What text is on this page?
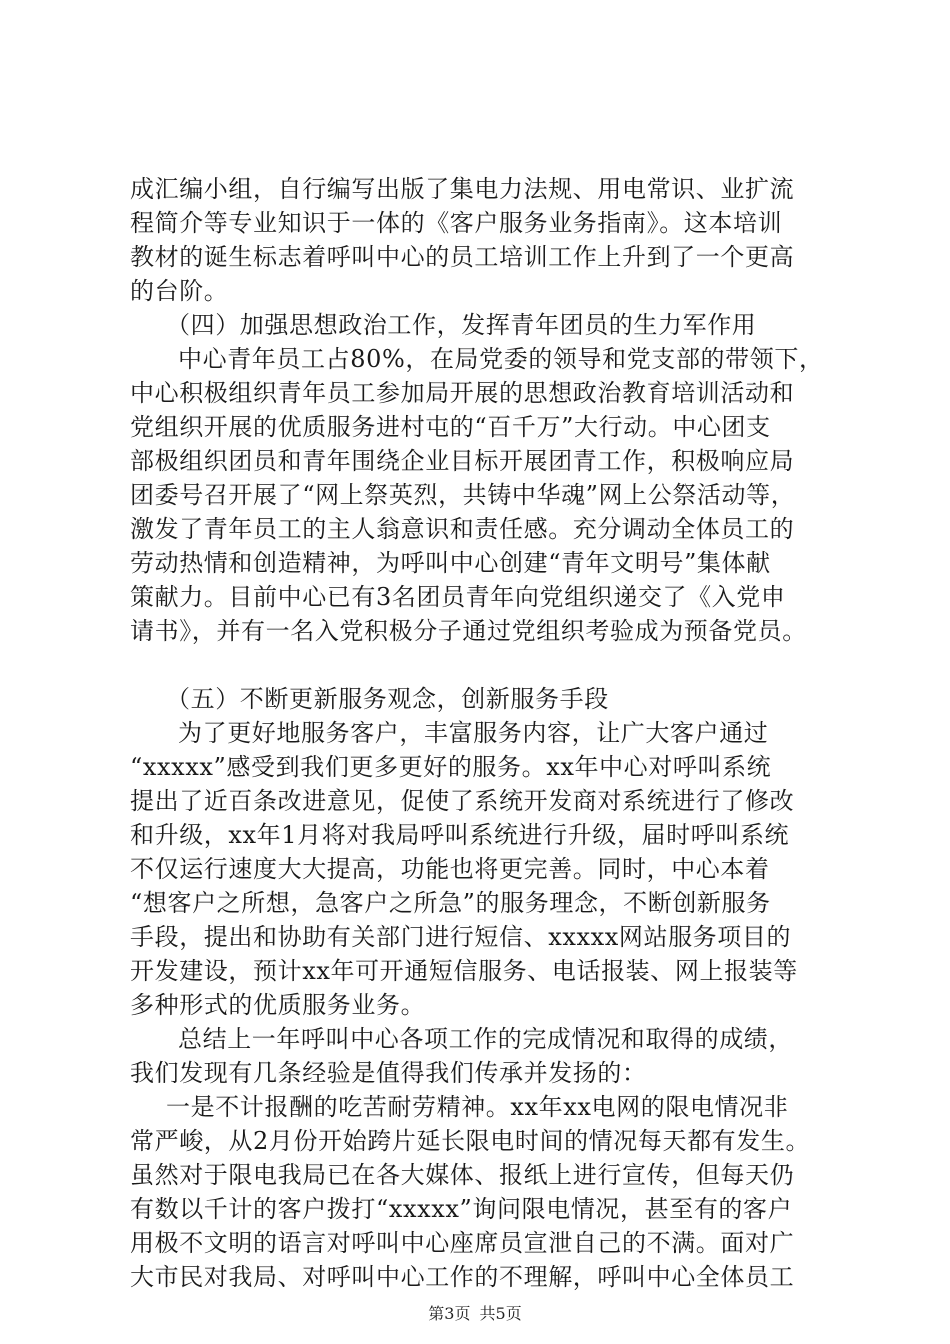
成汇编小组，自行编写出版了集电力法规、用电常识、业扩流
程简介等专业知识于一体的《客户服务业务指南》。这本培训
教材的诞生标志着呼叫中心的员工培训工作上升到了一个更高
的台阶。
（四）加强思想政治工作，发挥青年团员的生力军作用
中心青年员工占80%，在局党委的领导和党支部的带领下，
中心积极组织青年员工参加局开展的思想政治教育培训活动和
党组织开展的优质服务进村屯的“百千万”大行动。中心团支
部极组织团员和青年围绕企业目标开展团青工作，积极响应局
团委号召开展了“网上祭英烈，共铸中华魂”网上公祭活动等，
激发了青年员工的主人翁意识和责任感。充分调动全体员工的
劳动热情和创造精神，为呼叫中心创建“青年文明号”集体献
策献力。目前中心已有3名团员青年向党组织递交了《入党申
请书》，并有一名入党积极分子通过党组织考验成为预备党员。
（五）不断更新服务观念，创新服务手段
为了更好地服务客户，丰富服务内容，让广大客户通过
“xxxxx”感受到我们更多更好的服务。xx年中心对呼叫系统
提出了近百条改进意见，促使了系统开发商对系统进行了修改
和升级，xx年1月将对我局呼叫系统进行升级，届时呼叫系统
不仅运行速度大大提高，功能也将更完善。同时，中心本着
“想客户之所想，急客户之所急”的服务理念，不断创新服务
手段，提出和协助有关部门进行短信、xxxxx网站服务项目的
开发建设，预计xx年可开通短信服务、电话报装、网上报装等
多种形式的优质服务业务。
总结上一年呼叫中心各项工作的完成情况和取得的成绩，
我们发现有几条经验是值得我们传承并发扬的：
一是不计报酬的吃苦耐劳精神。xx年xx电网的限电情况非
常严峻，从2月份开始跨片延长限电时间的情况每天都有发生。
虽然对于限电我局已在各大媒体、报纸上进行宣传，但每天仍
有数以千计的客户拨打“xxxxx”询问限电情况，甚至有的客户
用极不文明的语言对呼叫中心座席员宣泄自己的不满。面对广
大市民对我局、对呼叫中心工作的不理解，呼叫中心全体员工
第3页 共5页
